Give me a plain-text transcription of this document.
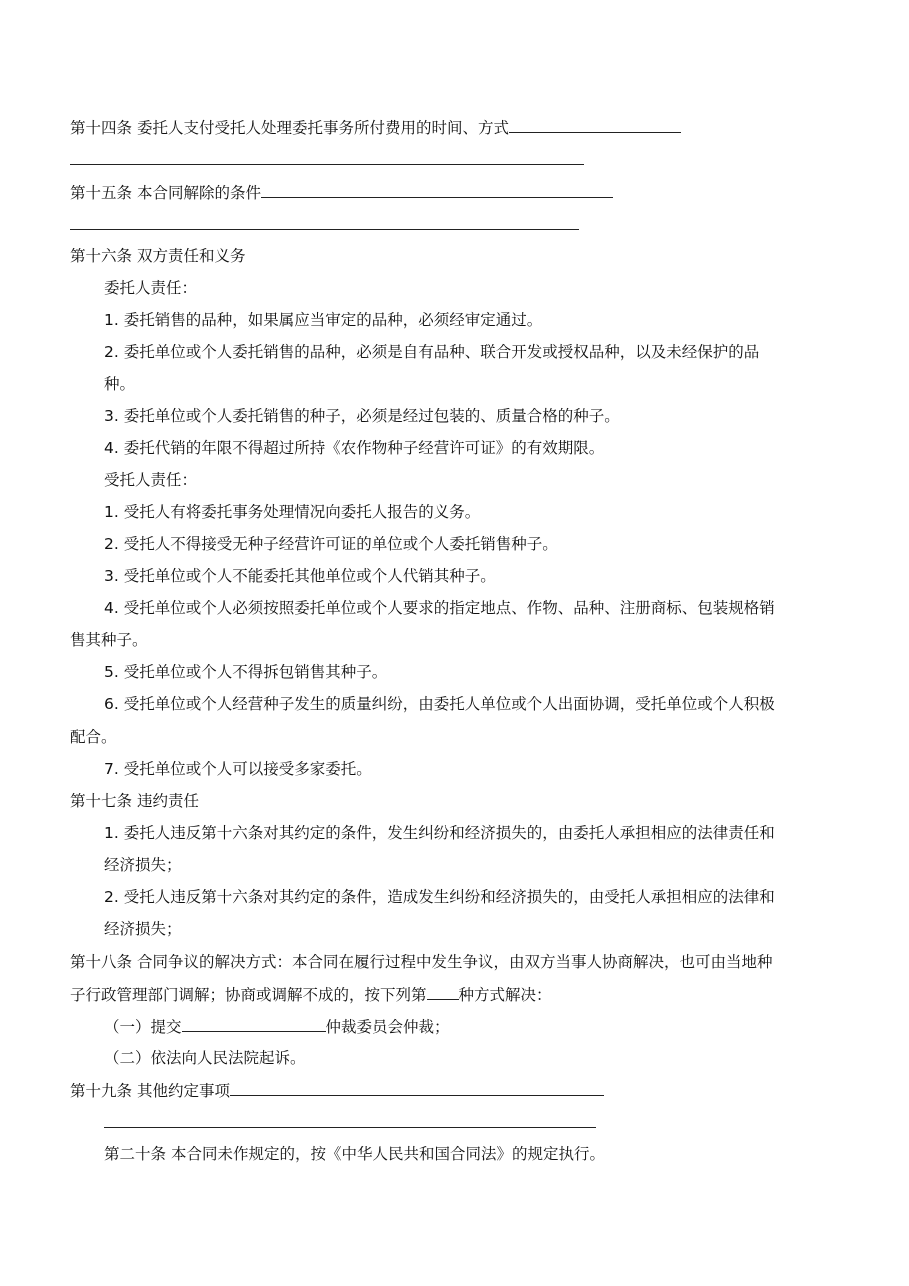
第十四条 委托人支付受托人处理委托事务所付费用的时间、方式
第十五条 本合同解除的条件
第十六条 双方责任和义务
委托人责任：
1. 委托销售的品种，如果属应当审定的品种，必须经审定通过。
2. 委托单位或个人委托销售的品种，必须是自有品种、联合开发或授权品种，以及未经保护的品
种。
3. 委托单位或个人委托销售的种子，必须是经过包装的、质量合格的种子。
4. 委托代销的年限不得超过所持《农作物种子经营许可证》的有效期限。
受托人责任：
1. 受托人有将委托事务处理情况向委托人报告的义务。
2. 受托人不得接受无种子经营许可证的单位或个人委托销售种子。
3. 受托单位或个人不能委托其他单位或个人代销其种子。
4. 受托单位或个人必须按照委托单位或个人要求的指定地点、作物、品种、注册商标、包装规格销
售其种子。
5. 受托单位或个人不得拆包销售其种子。
6. 受托单位或个人经营种子发生的质量纠纷，由委托人单位或个人出面协调，受托单位或个人积极
配合。
7. 受托单位或个人可以接受多家委托。
第十七条 违约责任
1. 委托人违反第十六条对其约定的条件，发生纠纷和经济损失的，由委托人承担相应的法律责任和
经济损失；
2. 受托人违反第十六条对其约定的条件，造成发生纠纷和经济损失的，由受托人承担相应的法律和
经济损失；
第十八条 合同争议的解决方式：本合同在履行过程中发生争议，由双方当事人协商解决，也可由当地种
子行政管理部门调解；协商或调解不成的，按下列第 种方式解决：
（一）提交	仲裁委员会仲裁；
（二）依法向人民法院起诉。
第十九条 其他约定事项
第二十条 本合同未作规定的，按《中华人民共和国合同法》的规定执行。
